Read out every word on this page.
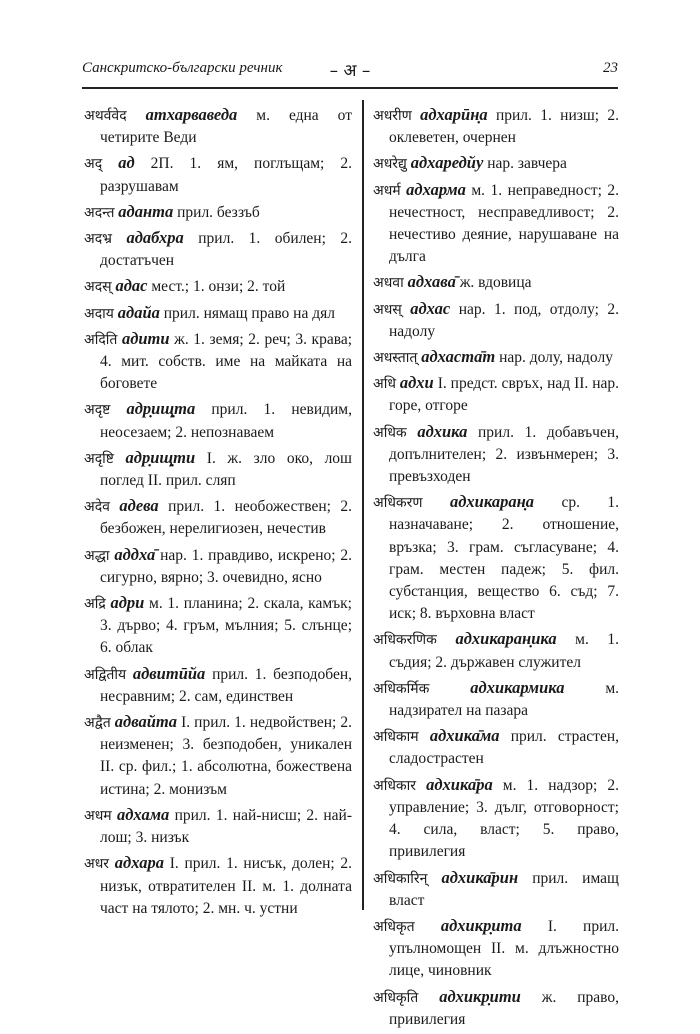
Санскритско-български речник	– अ –	23

अथर्ववेद атхарваведа м. една от четирите Веди

अद् ад 2П. 1. ям, поглъщам; 2. разрушавам

अदन्त аданта прил. беззъб

अदभ्र адабхра прил. 1. обилен; 2. достатъчен

अदस् адас мест.; 1. онзи; 2. той

अदाय адайа прил. нямащ право на дял

अदिति адити ж. 1. земя; 2. реч; 3. крава; 4. мит. собств. име на майката на боговете

अदृष्ट адр̣ищ̣та прил. 1. невидим, неосезаем; 2. непознаваем

अदृष्टि адр̣ищ̣ти I. ж. зло око, лош поглед II. прил. сляп

अदेव адева прил. 1. необожествен; 2. безбожен, нерелигиозен, нечестив

अद्धा аддха̄ нар. 1. правдиво, искрено; 2. сигурно, вярно; 3. очевидно, ясно

अद्रि адри м. 1. планина; 2. скала, камък; 3. дърво; 4. гръм, мълния; 5. слънце; 6. облак

अद्वितीय адвитӣйа прил. 1. безподобен, несравним; 2. сам, единствен

अद्वैत адвайта I. прил. 1. недвойствен; 2. неизменен; 3. безподобен, уникален II. ср. фил.; 1. абсолютна, божествена истина; 2. монизъм

अधम адхама прил. 1. най-нисш; 2. най-лош; 3. низък

अधर адхара I. прил. 1. нисък, долен; 2. низък, отвратителен II. м. 1. долната част на тялото; 2. мн. ч. устни

अधरीण адхарӣн̣а прил. 1. низш; 2. оклеветен, очернен

अधरेद्यु адхаредйу нар. завчера

अधर्म адхарма м. 1. неправедност; 2. нечестност, несправедливост; 2. нечестиво деяние, нарушаване на дълга

अधवा адхава̄ ж. вдовица

अधस् адхас нар. 1. под, отдолу; 2. надолу

अधस्तात् адхаста̄т нар. долу, надолу

अधि адхи I. предст. свръх, над II. нар. горе, отгоре

अधिक адхика прил. 1. добавъчен, допълнителен; 2. извънмерен; 3. превъзходен

अधिकरण адхикаран̣а ср. 1. назначаване; 2. отношение, връзка; 3. грам. съгласуване; 4. грам. местен падеж; 5. фил. субстанция, вещество 6. съд; 7. иск; 8. върховна власт

अधिकरणिक адхикаран̣ика м. 1. съдия; 2. държавен служител

अधिकर्मिक адхикармика	м. надзирател на пазара

अधिकाम адхика̄ма прил. страстен, сладострастен

अधिकार адхика̄ра м. 1. надзор; 2. управление; 3. дълг, отговорност; 4. сила, власт; 5. право, привилегия

अधिकारिन् адхика̄рин прил. имащ власт

अधिकृत адхикр̣ита I. прил. упълномощен II. м. длъжностно лице, чиновник

अधिकृति адхикр̣ити ж. право, привилегия
